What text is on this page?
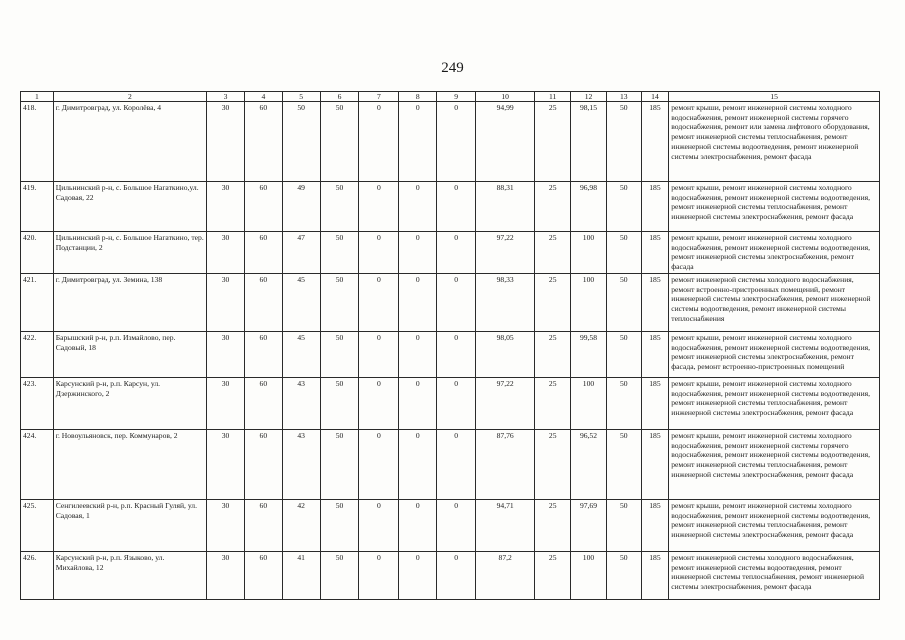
249
1	2	3	4	5	6	7	8	9	10	11	12	13	14	15
418.	г. Димитровград, ул. Королёва, 4	30	60	50	50	0	0	0	94,99	25	98,15	50	185	ремонт крыши, ремонт инженерной системы холодного водоснабжения, ремонт инженерной системы горячего водоснабжения, ремонт или замена лифтового оборудования, ремонт инженерной системы теплоснабжения, ремонт инженерной системы водоотведения, ремонт инженерной системы электроснабжения, ремонт фасада
419.	Цильнинский р-н, с. Большое Нагаткино,ул. Садовая, 22	30	60	49	50	0	0	0	88,31	25	96,98	50	185	ремонт крыши, ремонт инженерной системы холодного водоснабжения, ремонт инженерной системы водоотведения, ремонт инженерной системы теплоснабжения, ремонт инженерной системы электроснабжения, ремонт фасада
420.	Цильнинский р-н, с. Большое Нагаткино, тер. Подстанции, 2	30	60	47	50	0	0	0	97,22	25	100	50	185	ремонт крыши, ремонт инженерной системы холодного водоснабжения, ремонт инженерной системы водоотведения, ремонт инженерной системы электроснабжения, ремонт фасада
421.	г. Димитровград, ул. Земина, 138	30	60	45	50	0	0	0	98,33	25	100	50	185	ремонт инженерной системы холодного водоснабжения, ремонт встроенно-пристроенных помещений, ремонт инженерной системы электроснабжения, ремонт инженерной системы водоотведения, ремонт инженерной системы теплоснабжения
422.	Барышский р-н, р.п. Измайлово, пер. Садовый, 18	30	60	45	50	0	0	0	98,05	25	99,58	50	185	ремонт крыши, ремонт инженерной системы холодного водоснабжения, ремонт инженерной системы водоотведения, ремонт инженерной системы электроснабжения, ремонт фасада, ремонт встроенно-пристроенных помещений
423.	Карсунский р-н, р.п. Карсун, ул. Дзержинского, 2	30	60	43	50	0	0	0	97,22	25	100	50	185	ремонт крыши, ремонт инженерной системы холодного водоснабжения, ремонт инженерной системы водоотведения, ремонт инженерной системы теплоснабжения, ремонт инженерной системы электроснабжения, ремонт фасада
424.	г. Новоульяновск, пер. Коммунаров, 2	30	60	43	50	0	0	0	87,76	25	96,52	50	185	ремонт крыши, ремонт инженерной системы холодного водоснабжения, ремонт инженерной системы горячего водоснабжения, ремонт инженерной системы водоотведения, ремонт инженерной системы теплоснабжения, ремонт инженерной системы электроснабжения, ремонт фасада
425.	Сенгилеевский р-н, р.п. Красный Гуляй, ул. Садовая, 1	30	60	42	50	0	0	0	94,71	25	97,69	50	185	ремонт крыши, ремонт инженерной системы холодного водоснабжения, ремонт инженерной системы водоотведения, ремонт инженерной системы теплоснабжения, ремонт инженерной системы электроснабжения, ремонт фасада
426.	Карсунский р-н, р.п. Языково, ул. Михайлова, 12	30	60	41	50	0	0	0	87,2	25	100	50	185	ремонт инженерной системы холодного водоснабжения, ремонт инженерной системы водоотведения, ремонт инженерной системы теплоснабжения, ремонт инженерной системы электроснабжения, ремонт фасада
